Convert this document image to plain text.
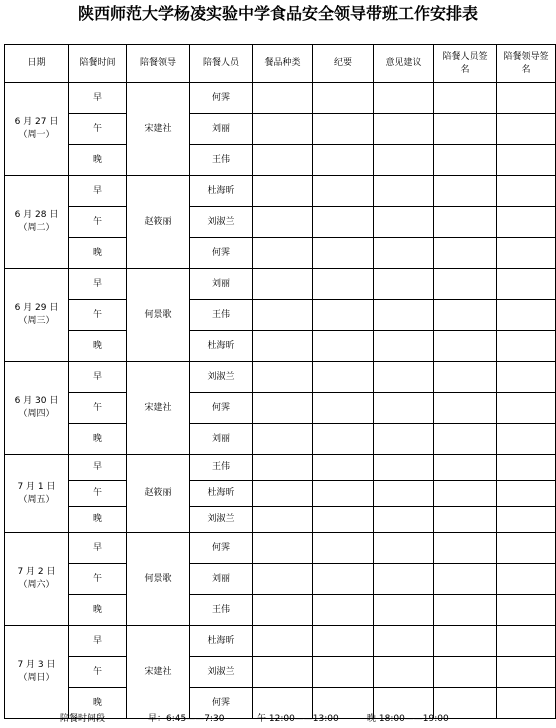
陕西师范大学杨凌实验中学食品安全领导带班工作安排表
日期	陪餐时间	陪餐领导	陪餐人员	餐品种类	纪要	意见建议	陪餐人员签名	陪餐领导签名

6 月 27 日
（周一）	早	宋建社	何霁					
	午		刘丽					
	晚		王伟					

6 月 28 日
（周二）	早	赵筱丽	杜海昕					
	午		刘淑兰					
	晚		何霁					

6 月 29 日
（周三）	早	何景歌	刘丽					
	午		王伟					
	晚		杜海昕					

6 月 30 日
（周四）	早	宋建社	刘淑兰					
	午		何霁					
	晚		刘丽					

7 月 1 日
（周五）	早	赵筱丽	王伟					
	午		杜海昕					
	晚		刘淑兰					

7 月 2 日
（周六）	早	何景歌	何霁					
	午		刘丽					
	晚		王伟					

7 月 3 日
（周日）	早	宋建社	杜海昕					
	午		刘淑兰					
	晚		何霁					
陪餐时间段	早：6:45——7:30	午 12:00——13:00	晚 18:00——19:00
